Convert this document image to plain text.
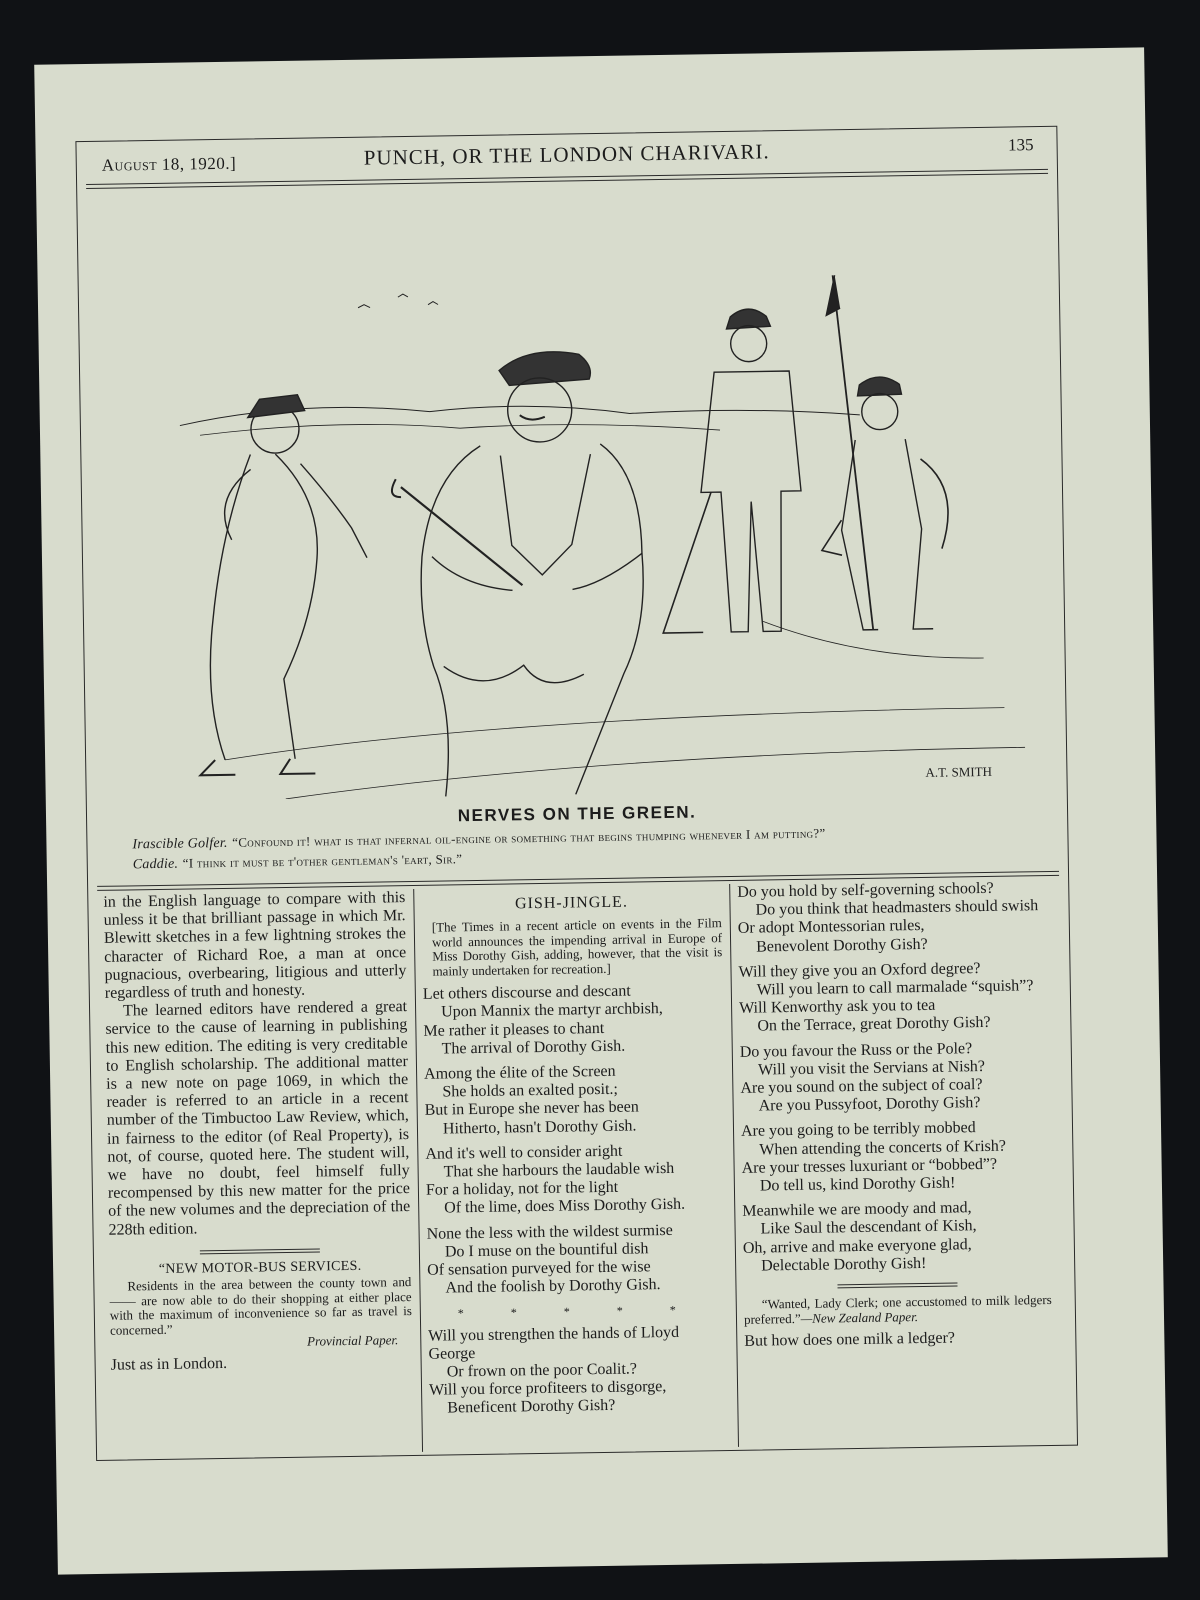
August 18, 1920.]	PUNCH, OR THE LONDON CHARIVARI.	135
A.T. SMITH
NERVES ON THE GREEN.

Irascible Golfer. “Confound it! what is that infernal oil-engine or something that begins thumping whenever I am putting?”

Caddie. “I think it must be t'other gentleman's 'eart, Sir.”

in the English language to compare with this unless it be that brilliant passage in which Mr. Blewitt sketches in a few lightning strokes the character of Richard Roe, a man at once pugnacious, overbearing, litigious and utterly regardless of truth and honesty.

The learned editors have rendered a great service to the cause of learning in publishing this new edition. The editing is very creditable to English scholarship. The additional matter is a new note on page 1069, in which the reader is referred to an article in a recent number of the Timbuctoo Law Review, which, in fairness to the editor (of Real Property), is not, of course, quoted here. The student will, we have no doubt, feel himself fully recompensed by this new matter for the price of the new volumes and the depreciation of the 228th edition.

“NEW MOTOR-BUS SERVICES.

Residents in the area between the county town and —— are now able to do their shopping at either place with the maximum of inconvenience so far as travel is concerned.”

Provincial Paper.

Just as in London.

GISH-JINGLE.

[The Times in a recent article on events in the Film world announces the impending arrival in Europe of Miss Dorothy Gish, adding, however, that the visit is mainly undertaken for recreation.]

Let others discourse and descant
Upon Mannix the martyr archbish,
Me rather it pleases to chant
The arrival of Dorothy Gish.
Among the élite of the Screen
She holds an exalted posit.;
But in Europe she never has been
Hitherto, hasn't Dorothy Gish.
And it's well to consider aright
That she harbours the laudable wish
For a holiday, not for the light
Of the lime, does Miss Dorothy Gish.
None the less with the wildest surmise
Do I muse on the bountiful dish
Of sensation purveyed for the wise
And the foolish by Dorothy Gish.
* * * * *
Will you strengthen the hands of Lloyd George
Or frown on the poor Coalit.?
Will you force profiteers to disgorge,
Beneficent Dorothy Gish?
Do you hold by self-governing schools?
Do you think that headmasters should swish
Or adopt Montessorian rules,
Benevolent Dorothy Gish?
Will they give you an Oxford degree?
Will you learn to call marmalade “squish”?
Will Kenworthy ask you to tea
On the Terrace, great Dorothy Gish?
Do you favour the Russ or the Pole?
Will you visit the Servians at Nish?
Are you sound on the subject of coal?
Are you Pussyfoot, Dorothy Gish?
Are you going to be terribly mobbed
When attending the concerts of Krish?
Are your tresses luxuriant or “bobbed”?
Do tell us, kind Dorothy Gish!
Meanwhile we are moody and mad,
Like Saul the descendant of Kish,
Oh, arrive and make everyone glad,
Delectable Dorothy Gish!

“Wanted, Lady Clerk; one accustomed to milk ledgers preferred.”—New Zealand Paper.

But how does one milk a ledger?
